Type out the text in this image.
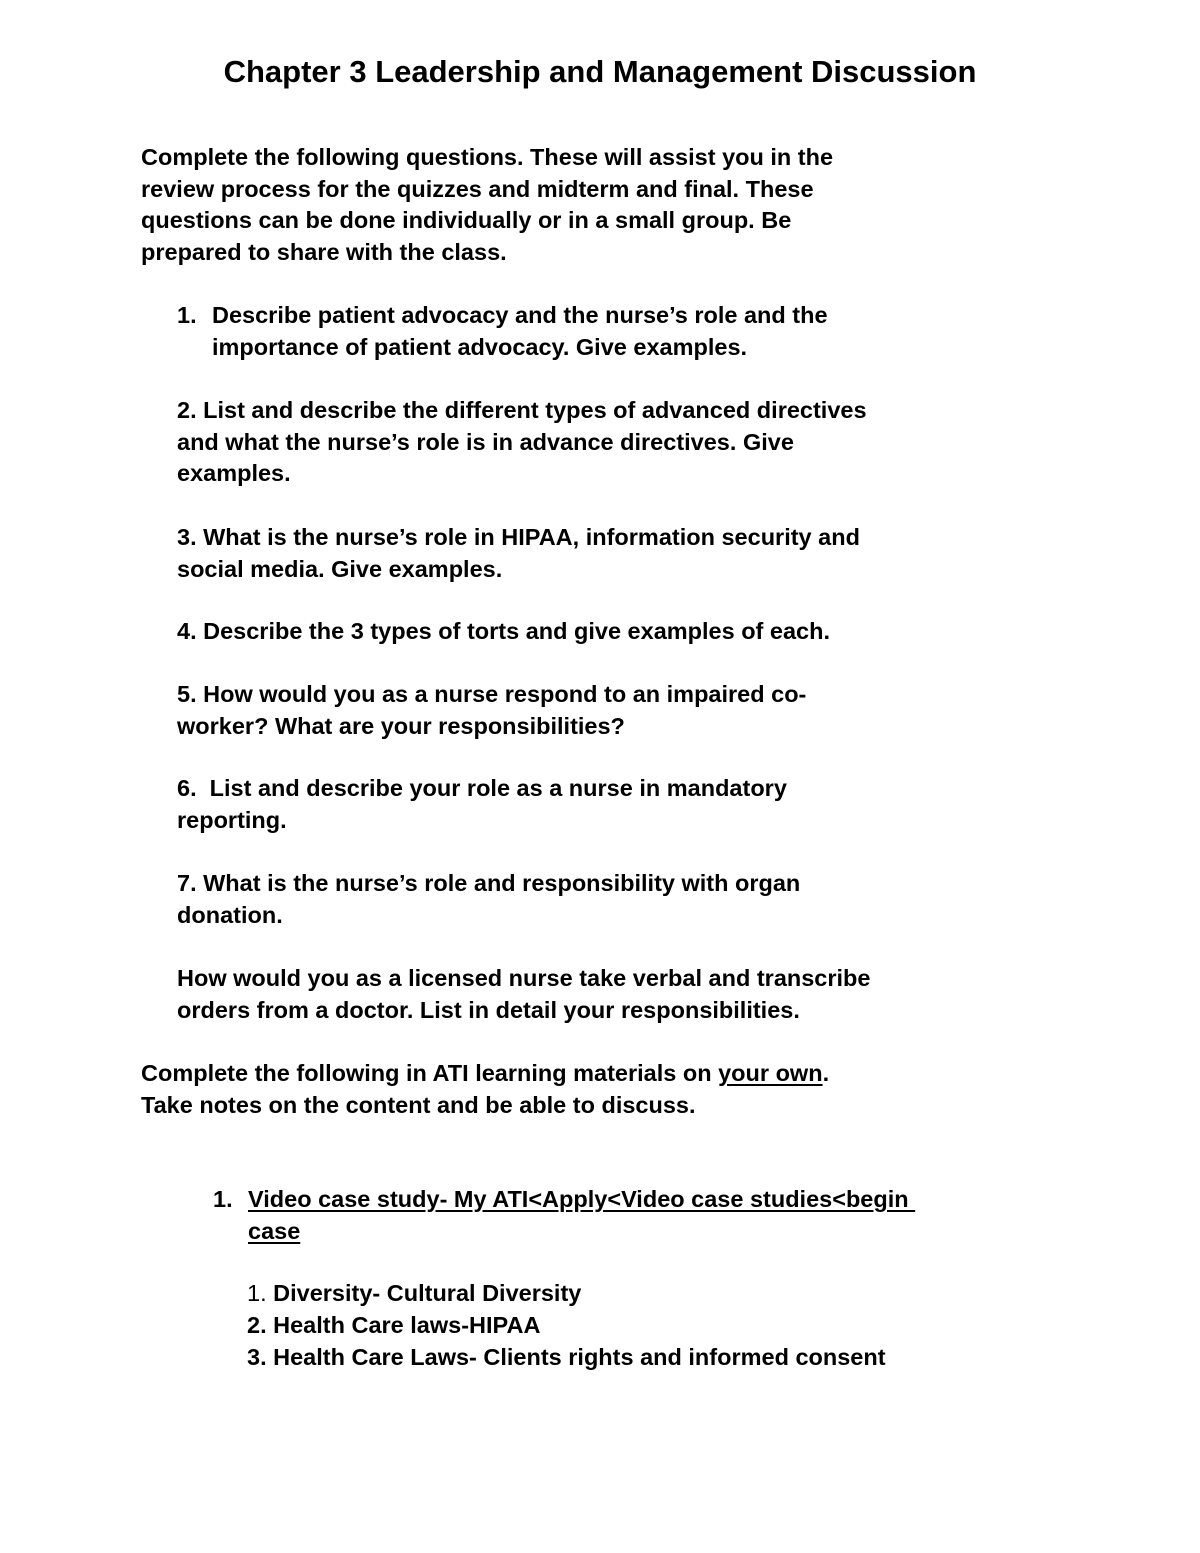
Chapter 3 Leadership and Management Discussion
Complete the following questions. These will assist you in the
review process for the quizzes and midterm and final. These
questions can be done individually or in a small group. Be
prepared to share with the class.
1. Describe patient advocacy and the nurse’s role and the
importance of patient advocacy. Give examples.
2. List and describe the different types of advanced directives
and what the nurse’s role is in advance directives. Give
examples.
3. What is the nurse’s role in HIPAA, information security and
social media. Give examples.
4. Describe the 3 types of torts and give examples of each.
5. How would you as a nurse respond to an impaired co-
worker? What are your responsibilities?
6.  List and describe your role as a nurse in mandatory
reporting.
7. What is the nurse’s role and responsibility with organ
donation.
How would you as a licensed nurse take verbal and transcribe
orders from a doctor. List in detail your responsibilities.
Complete the following in ATI learning materials on your own.
Take notes on the content and be able to discuss.
1. Video case study- My ATI<Apply<Video case studies<begin
case
1. Diversity- Cultural Diversity
2. Health Care laws-HIPAA
3. Health Care Laws- Clients rights and informed consent
